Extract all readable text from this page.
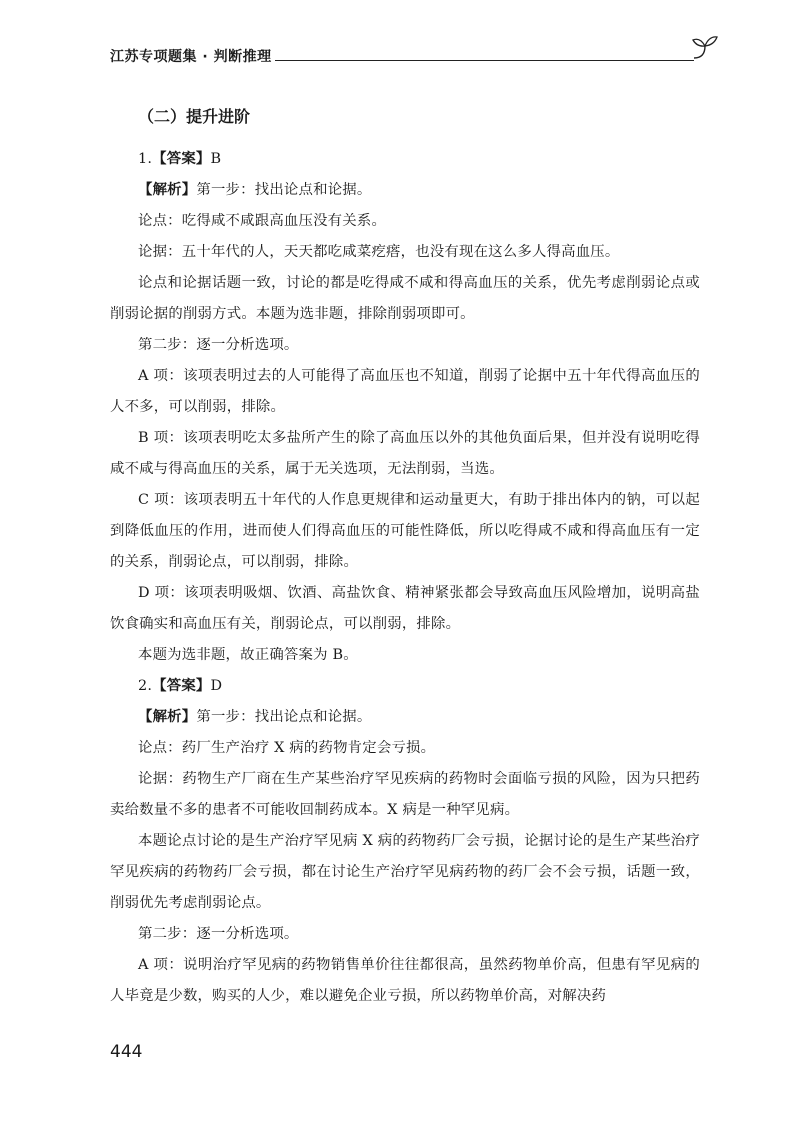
江苏专项题集 · 判断推理
（二）提升进阶

1.【答案】B

【解析】第一步：找出论点和论据。

论点：吃得咸不咸跟高血压没有关系。

论据：五十年代的人，天天都吃咸菜疙瘩，也没有现在这么多人得高血压。

论点和论据话题一致，讨论的都是吃得咸不咸和得高血压的关系，优先考虑削弱论点或削弱论据的削弱方式。本题为选非题，排除削弱项即可。

第二步：逐一分析选项。

A 项：该项表明过去的人可能得了高血压也不知道，削弱了论据中五十年代得高血压的人不多，可以削弱，排除。

B 项：该项表明吃太多盐所产生的除了高血压以外的其他负面后果，但并没有说明吃得咸不咸与得高血压的关系，属于无关选项，无法削弱，当选。

C 项：该项表明五十年代的人作息更规律和运动量更大，有助于排出体内的钠，可以起到降低血压的作用，进而使人们得高血压的可能性降低，所以吃得咸不咸和得高血压有一定的关系，削弱论点，可以削弱，排除。

D 项：该项表明吸烟、饮酒、高盐饮食、精神紧张都会导致高血压风险增加，说明高盐饮食确实和高血压有关，削弱论点，可以削弱，排除。

本题为选非题，故正确答案为 B。

2.【答案】D

【解析】第一步：找出论点和论据。

论点：药厂生产治疗 X 病的药物肯定会亏损。

论据：药物生产厂商在生产某些治疗罕见疾病的药物时会面临亏损的风险，因为只把药卖给数量不多的患者不可能收回制药成本。X 病是一种罕见病。

本题论点讨论的是生产治疗罕见病 X 病的药物药厂会亏损，论据讨论的是生产某些治疗罕见疾病的药物药厂会亏损，都在讨论生产治疗罕见病药物的药厂会不会亏损，话题一致，削弱优先考虑削弱论点。

第二步：逐一分析选项。

A 项：说明治疗罕见病的药物销售单价往往都很高，虽然药物单价高，但患有罕见病的人毕竟是少数，购买的人少，难以避免企业亏损，所以药物单价高，对解决药

444
